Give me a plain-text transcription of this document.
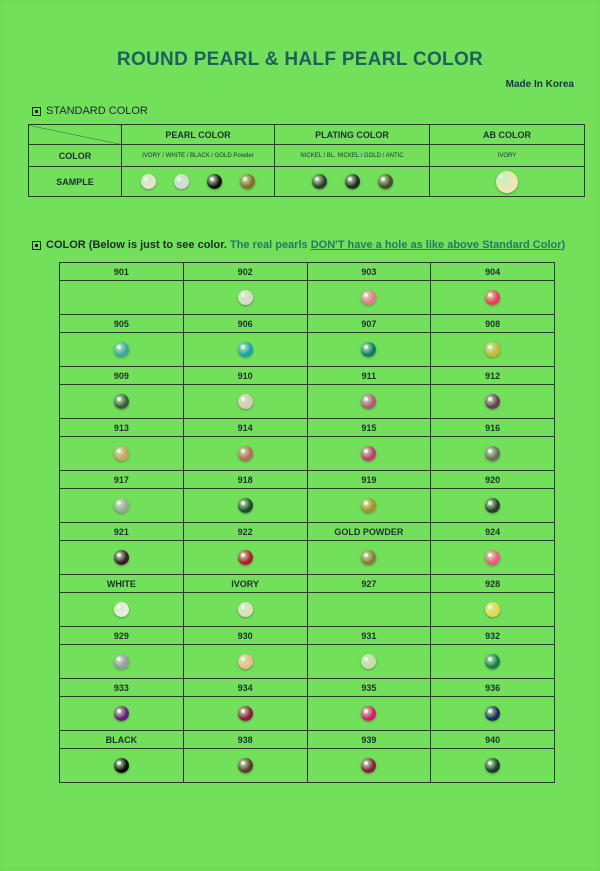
ROUND PEARL & HALF PEARL COLOR
Made In Korea
STANDARD COLOR
	PEARL COLOR	PLATING COLOR	AB COLOR
COLOR	IVORY / WHITE / BLACK / GOLD Powder	NICKEL / BL. NICKEL / GOLD / ANTIC	IVORY
SAMPLE			
COLOR (Below is just to see color. The real pearls DON'T have a hole as like above Standard Color)
901	902	903	904

905	906	907	908

909	910	911	912

913	914	915	916

917	918	919	920

921	922	GOLD POWDER	924

WHITE	IVORY	927	928

929	930	931	932

933	934	935	936

BLACK	938	939	940
